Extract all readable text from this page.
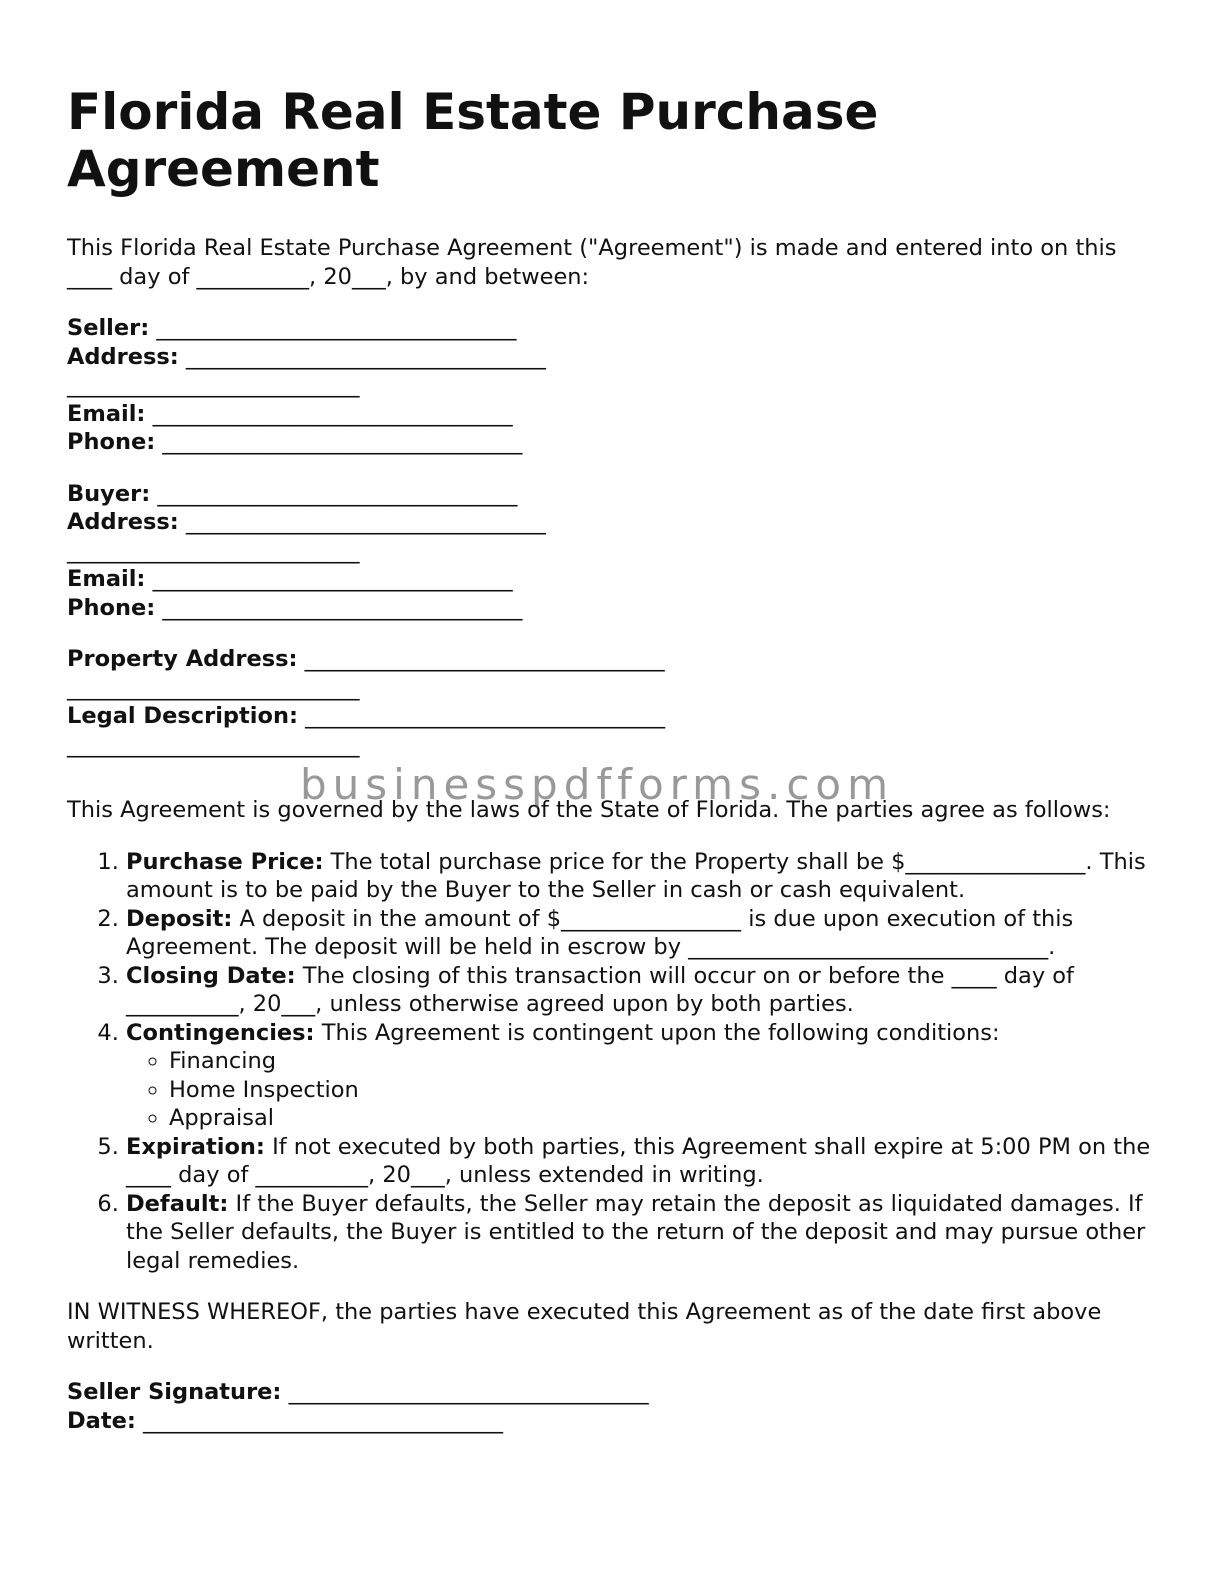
Florida Real Estate Purchase Agreement

This Florida Real Estate Purchase Agreement ("Agreement") is made and entered into on this ____ day of __________, 20___, by and between:

Seller: ________________________________
Address: ________________________________
__________________________
Email: ________________________________
Phone: ________________________________
Buyer: ________________________________
Address: ________________________________
__________________________
Email: ________________________________
Phone: ________________________________
Property Address: ________________________________
__________________________
Legal Description: ________________________________
__________________________

This Agreement is governed by the laws of the State of Florida. The parties agree as follows:

1. Purchase Price: The total purchase price for the Property shall be $________________. This amount is to be paid by the Buyer to the Seller in cash or cash equivalent.
2. Deposit: A deposit in the amount of $________________ is due upon execution of this Agreement. The deposit will be held in escrow by ________________________________.
3. Closing Date: The closing of this transaction will occur on or before the ____ day of __________, 20___, unless otherwise agreed upon by both parties.
4. Contingencies: This Agreement is contingent upon the following conditions:
◦ Financing
◦ Home Inspection
◦ Appraisal
5. Expiration: If not executed by both parties, this Agreement shall expire at 5:00 PM on the ____ day of __________, 20___, unless extended in writing.
6. Default: If the Buyer defaults, the Seller may retain the deposit as liquidated damages. If the Seller defaults, the Buyer is entitled to the return of the deposit and may pursue other legal remedies.

IN WITNESS WHEREOF, the parties have executed this Agreement as of the date first above written.

Seller Signature: ________________________________
Date: ________________________________
businesspdfforms.com
